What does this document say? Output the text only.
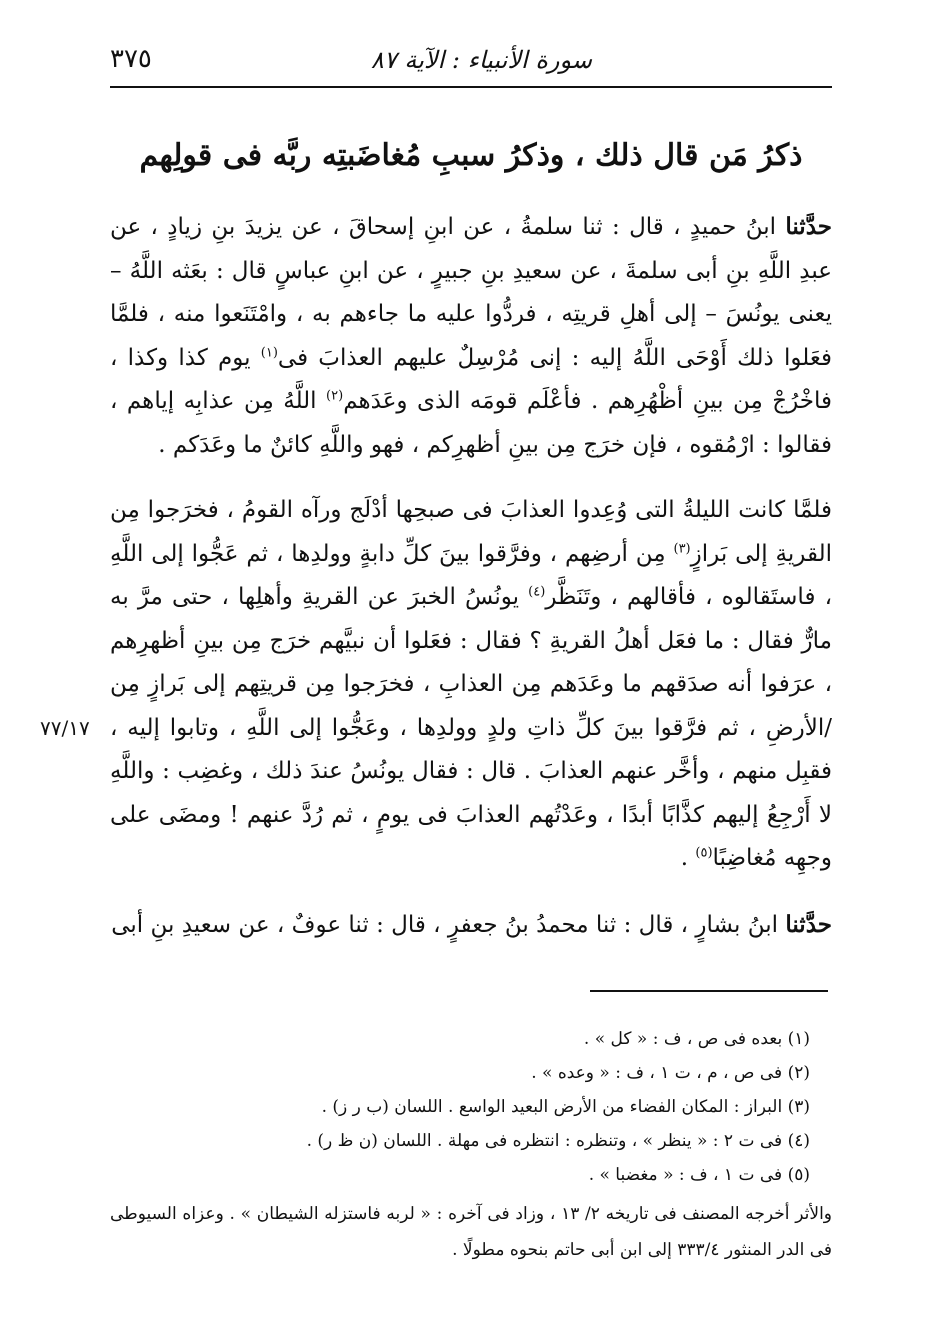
سورة الأنبياء : الآية ٨٧
٣٧٥
ذكرُ مَن قال ذلك ، وذكرُ سببِ مُغاضَبتِه ربَّه فى قولِهم

حدَّثنا ابنُ حميدٍ ، قال : ثنا سلمةُ ، عن ابنِ إسحاقَ ، عن يزيدَ بنِ زيادٍ ، عن عبدِ اللَّهِ بنِ أبى سلمةَ ، عن سعيدِ بنِ جبيرٍ ، عن ابنِ عباسٍ قال : بعَثه اللَّهُ – يعنى يونُسَ – إلى أهلِ قريتِه ، فردُّوا عليه ما جاءهم به ، وامْتَنَعوا منه ، فلمَّا فعَلوا ذلك أَوْحَى اللَّهُ إليه : إنى مُرْسِلٌ عليهم العذابَ فى$^{(١)}$ يوم كذا وكذا ، فاخْرُجْ مِن بينِ أظْهُرِهم . فأعْلَم قومَه الذى وعَدَهم$^{(٢)}$ اللَّهُ مِن عذابِه إياهم ، فقالوا : ارْمُقوه ، فإن خرَج مِن بينِ أظهرِكم ، فهو واللَّهِ كائنٌ ما وعَدَكم .

فلمَّا كانت الليلةُ التى وُعِدوا العذابَ فى صبحِها أدْلَج ورآه القومُ ، فخرَجوا مِن القريةِ إلى بَرازٍ$^{(٣)}$ مِن أرضِهم ، وفرَّقوا بينَ كلِّ دابةٍ وولدِها ، ثم عَجُّوا إلى اللَّهِ ، فاستَقالوه ، فأقالهم ، وتَنَظَّر$^{(٤)}$ يونُسُ الخبرَ عن القريةِ وأهلِها ، حتى مرَّ به مارٌّ فقال : ما فعَل أهلُ القريةِ ؟ فقال : فعَلوا أن نبيَّهم خرَج مِن بينِ أظهرِهم ، عرَفوا أنه صدَقهم ما وعَدَهم مِن العذابِ ، فخرَجوا مِن قريتِهم إلى بَرازٍ مِن /الأرضِ ، ثم فرَّقوا بينَ كلِّ ذاتِ ولدٍ وولدِها ، وعَجُّوا إلى اللَّهِ ، وتابوا إليه ، فقبِل منهم ، وأخَّر عنهم العذابَ . قال : فقال يونُسُ عندَ ذلك ، وغضِب : واللَّهِ لا أَرْجِعُ إليهم كذَّابًا أبدًا ، وعَدْتُهم العذابَ فى يومٍ ، ثم رُدَّ عنهم ! ومضَى على وجهِه مُغاضِبًا$^{(٥)}$ .

حدَّثنا ابنُ بشارٍ ، قال : ثنا محمدُ بنُ جعفرٍ ، قال : ثنا عوفٌ ، عن سعيدِ بنِ أبى

٧٧/١٧

(١) بعده فى ص ، ف : « كل » .

(٢) فى ص ، م ، ت ١ ، ف : « وعده » .

(٣) البراز : المكان الفضاء من الأرض البعيد الواسع . اللسان (ب ر ز) .

(٤) فى ت ٢ : « ينظر » ، وتنظره : انتظره فى مهلة . اللسان (ن ظ ر) .

(٥) فى ت ١ ، ف : « مغضبا » .

والأثر أخرجه المصنف فى تاريخه ٢/ ١٣ ، وزاد فى آخره : « لربه فاستزله الشيطان » . وعزاه السيوطى فى الدر المنثور ٣٣٣/٤ إلى ابن أبى حاتم بنحوه مطولًا .
